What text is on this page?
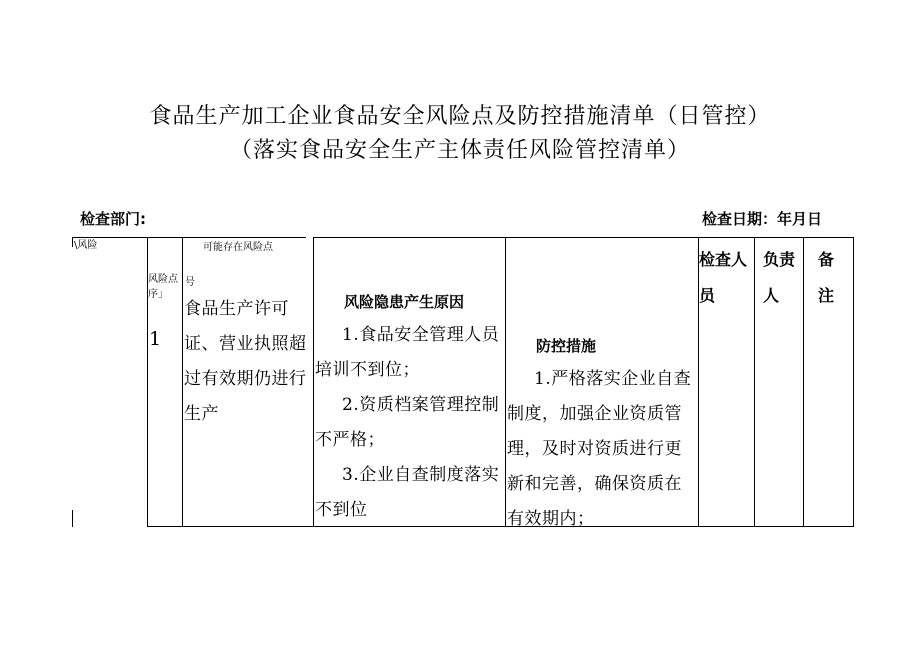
食品生产加工企业食品安全风险点及防控措施清单（日管控）
（落实食品安全生产主体责任风险管控清单）
检查部门:	检查日期：年月日
\风险
风险点序」
可能存在风险点
号
风险隐患产生原因
防控措施
检查人员
负责人
备注
1
食品生产许可证、营业执照超过有效期仍进行生产

1.食品安全管理人员培训不到位；

2.资质档案管理控制不严格；

3.企业自查制度落实不到位

1.严格落实企业自查制度，加强企业资质管理，及时对资质进行更新和完善，确保资质在有效期内；
